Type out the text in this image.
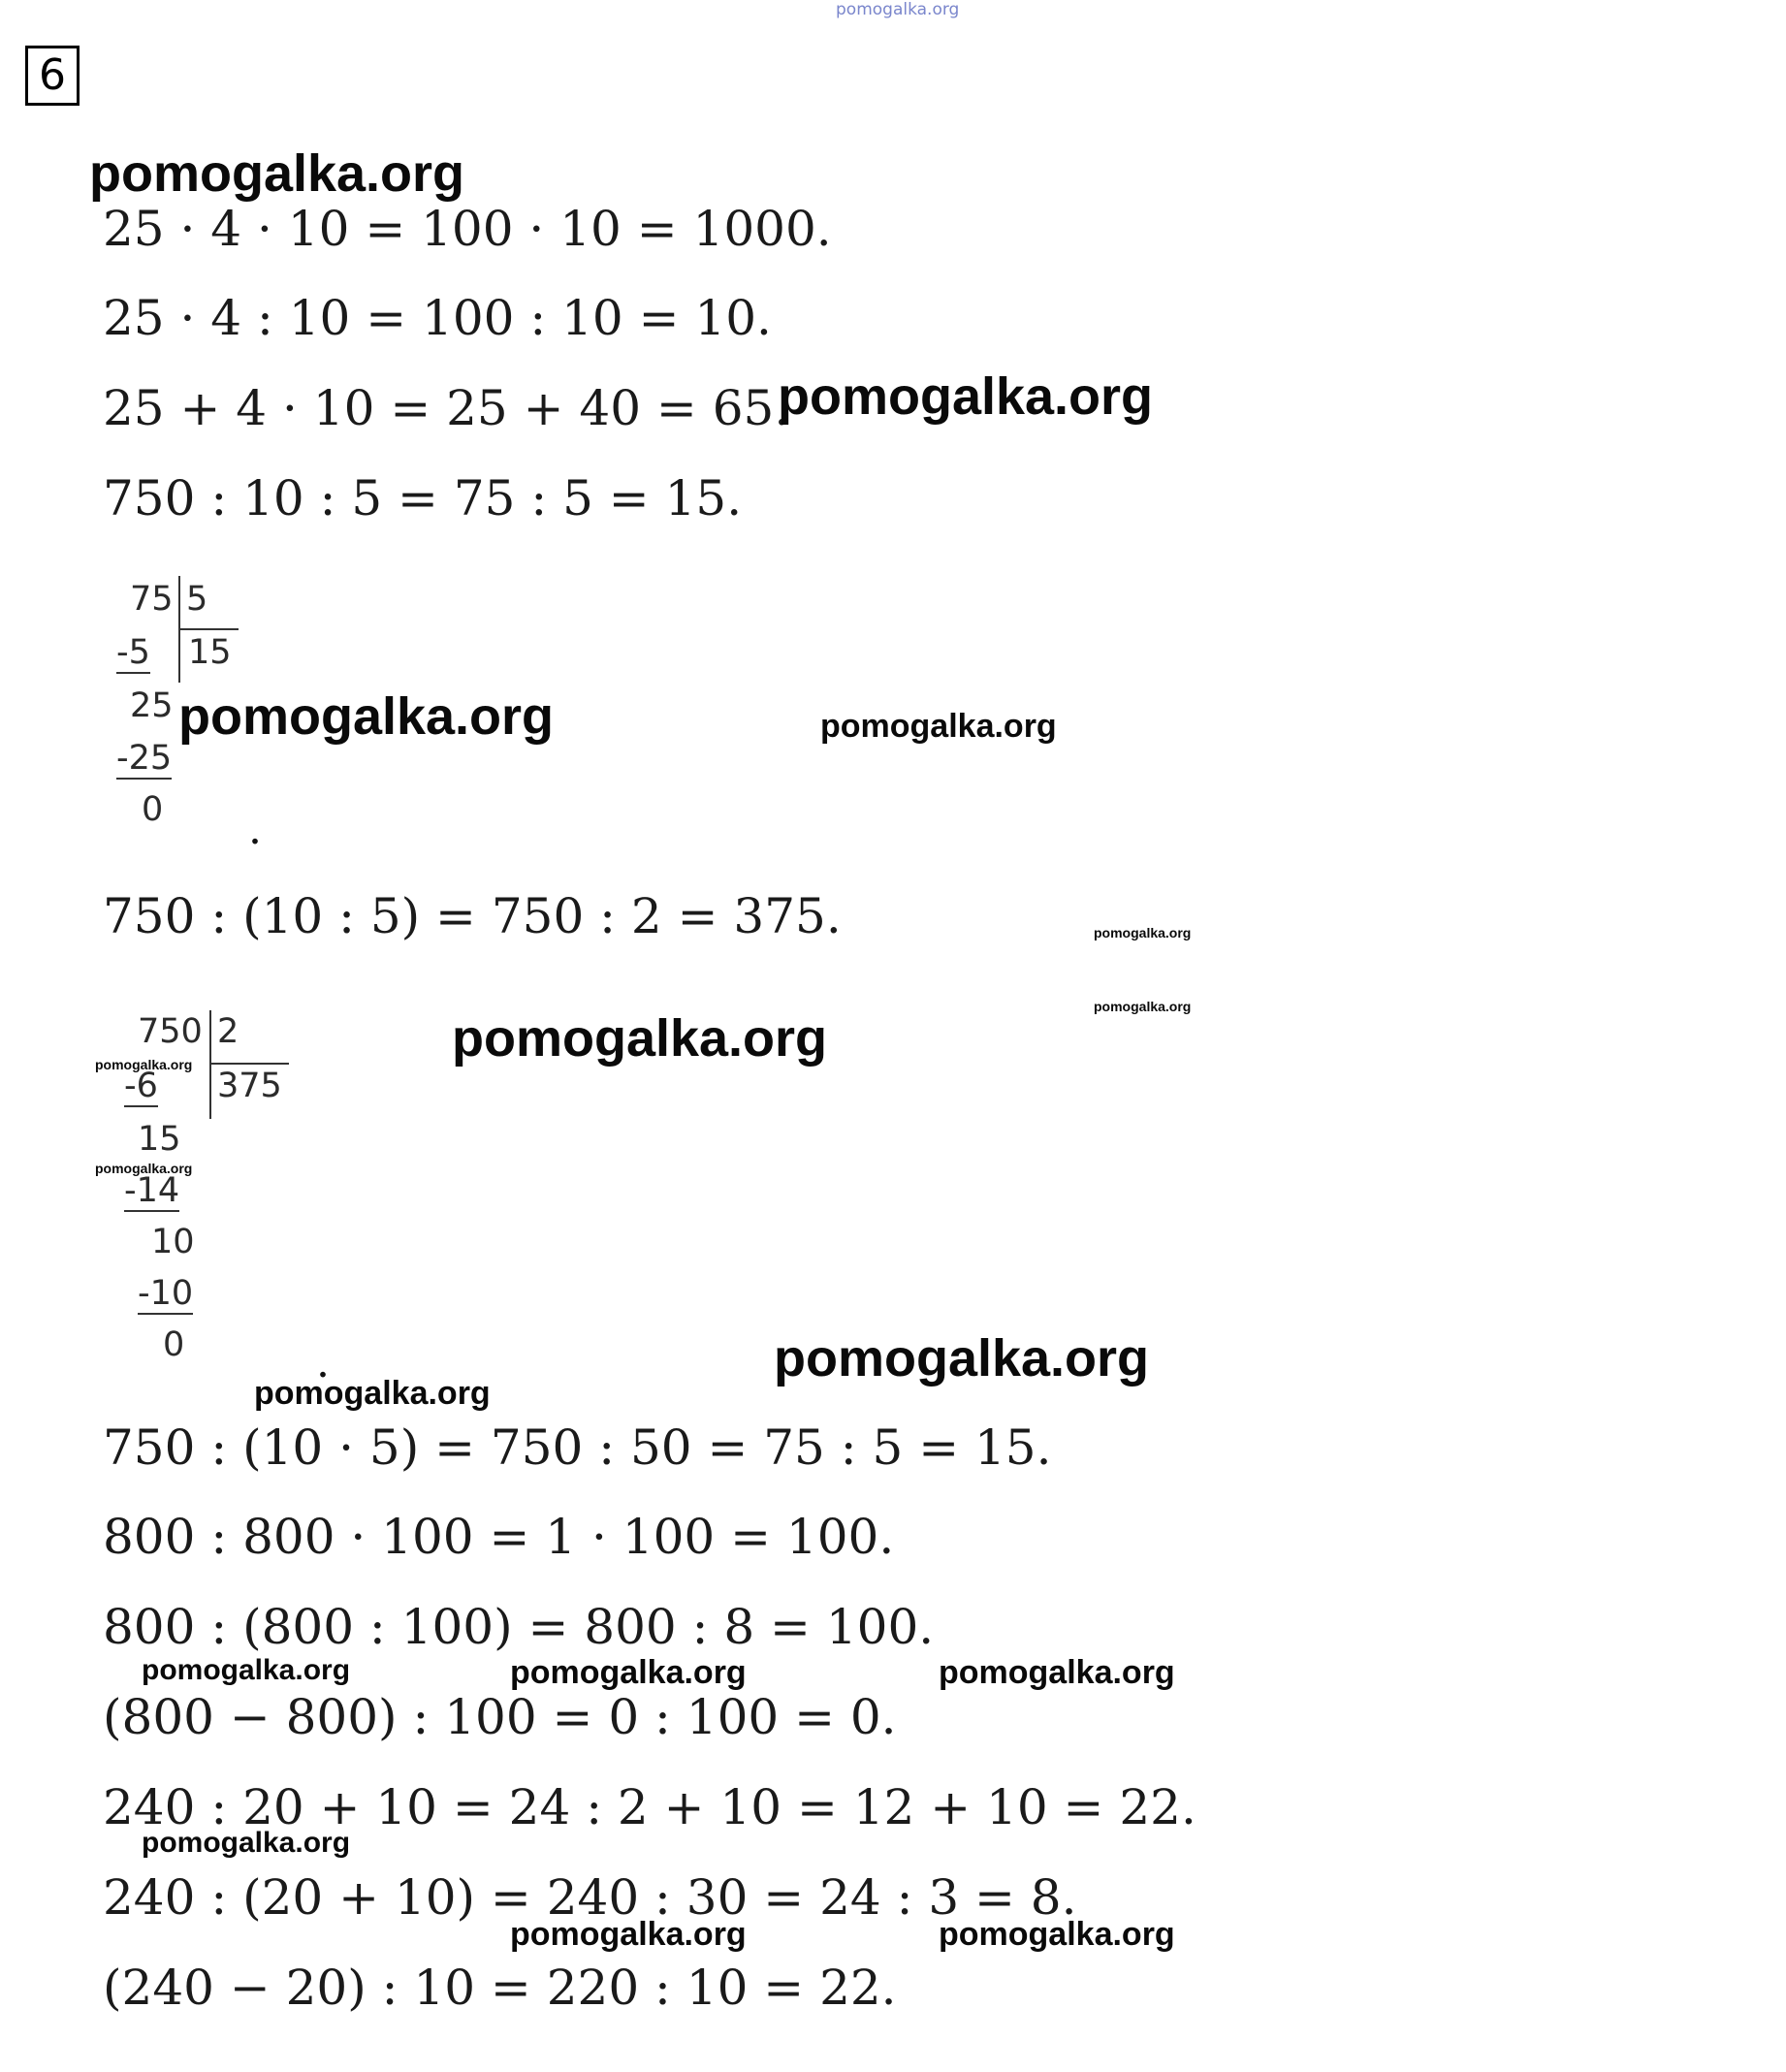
pomogalka.org
6
25 · 4 · 10 = 100 · 10 = 1000.
25 · 4 : 10 = 100 : 10 = 10.
25 + 4 · 10 = 25 + 40 = 65.
750 : 10 : 5 = 75 : 5 = 15.
750 : (10 : 5) = 750 : 2 = 375.
750 : (10 · 5) = 750 : 50 = 75 : 5 = 15.
800 : 800 · 100 = 1 · 100 = 100.
800 : (800 : 100) = 800 : 8 = 100.
(800 − 800) : 100 = 0 : 100 = 0.
240 : 20 + 10 = 24 : 2 + 10 = 12 + 10 = 22.
240 : (20 + 10) = 240 : 30 = 24 : 3 = 8.
(240 − 20) : 10 = 220 : 10 = 22.
75 5
15
-5
25
-25
0
750 2
375
-6
15
-14
10
-10
0
.
.
pomogalka.org
pomogalka.org
pomogalka.org	pomogalka.org
pomogalka.org
pomogalka.org
pomogalka.org
pomogalka.org
pomogalka.org
pomogalka.org
pomogalka.org
pomogalka.org	pomogalka.org	pomogalka.org
pomogalka.org
pomogalka.org	pomogalka.org
